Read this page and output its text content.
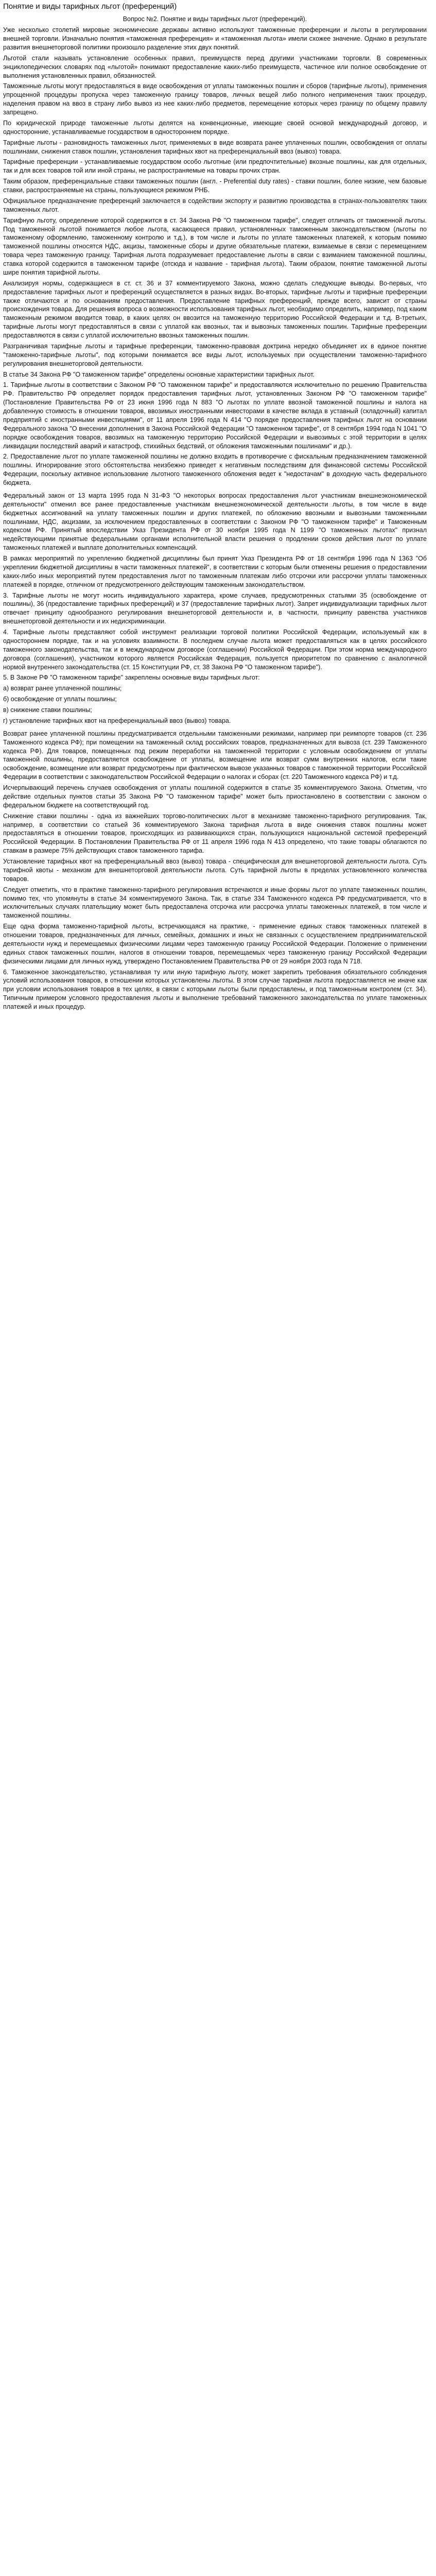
Понятие и виды тарифных льгот (преференций)

Вопрос №2. Понятие и виды тарифных льгот (преференций).

Уже несколько столетий мировые экономические державы активно используют таможенные преференции и льготы в регулировании внешней торговли. Изначально понятия «таможенная преференция» и «таможенная льгота» имели схожее значение. Однако в результате развития внешнеторговой политики произошло разделение этих двух понятий.

Льготой стали называть установление особенных правил, преимуществ перед другими участниками торговли. В современных энциклопедических словарях под «льготой» понимают предоставление каких-либо преимуществ, частичное или полное освобождение от выполнения установленных правил, обязанностей.

Таможенные льготы могут предоставляться в виде освобождения от уплаты таможенных пошлин и сборов (тарифные льготы), применения упрощенной процедуры пропуска через таможенную границу товаров, личных вещей либо полного неприменения таких процедур, наделения правом на ввоз в страну либо вывоз из нее каких-либо предметов, перемещение которых через границу по общему правилу запрещено.

По юридической природе таможенные льготы делятся на конвенционные, имеющие своей основой международный договор, и односторонние, устанавливаемые государством в одностороннем порядке.

Тарифные льготы - разновидность таможенных льгот, применяемых в виде возврата ранее уплаченных пошлин, освобождения от оплаты пошлинами, снижения ставок пошлин, установления тарифных квот на преференциальный ввоз (вывоз) товара.

Тарифные преференции - устанавливаемые государством особо льготные (или предпочтительные) вкозные пошлины, как для отдельных, так и для всех товаров той или иной страны, не распространяемые на товары прочих стран.

Таким образом, преференциальные ставки таможенных пошлин (англ. - Preferential duty rates) - ставки пошлин, более низкие, чем базовые ставки, распространяемые на страны, пользующиеся режимом РНБ.

Официальное предназначение преференций заключается в содействии экспорту и развитию производства в странах-пользователях таких таможенных льгот.

Тарифную льготу, определение которой содержится в ст. 34 Закона РФ "О таможенном тарифе", следует отличать от таможенной льготы. Под таможенной льготой понимается любое льгота, касающееся правил, установленных таможенным законодательством (льготы по таможенному оформлению, таможенному контролю и т.д.), в том числе и льготы по уплате таможенных платежей, к которым помимо таможенной пошлины относятся НДС, акцизы, таможенные сборы и другие обязательные платежи, взимаемые в связи с перемещением товара через таможенную границу. Тарифная льгота подразумевает предоставление льготы в связи с взиманием таможенной пошлины, ставка которой содержится в таможенном тарифе (отсюда и название - тарифная льгота). Таким образом, понятие таможенной льготы шире понятия тарифной льготы.

Анализируя нормы, содержащиеся в ст. ст. 36 и 37 комментируемого Закона, можно сделать следующие выводы. Во-первых, что предоставление тарифных льгот и преференций осуществляется в разных видах. Во-вторых, тарифные льготы и тарифные преференции также отличаются и по основаниям предоставления. Предоставление тарифных преференций, прежде всего, зависит от страны происхождения товара. Для решения вопроса о возможности использования тарифных льгот, необходимо определить, например, под каким таможенным режимом вводится товар, в каких целях он ввозится на таможенную территорию Российской Федерации и т.д. В-третьих, тарифные льготы могут предоставляться в связи с уплатой как ввозных, так и вывозных таможенных пошлин. Тарифные преференции предоставляются в связи с уплатой исключительно ввозных таможенных пошлин.

Разграничивая тарифные льготы и тарифные преференции, таможенно-правовая доктрина нередко объединяет их в единое понятие "таможенно-тарифные льготы", под которыми понимается все виды льгот, используемых при осуществлении таможенно-тарифного регулирования внешнеторговой деятельности.

В статье 34 Закона РФ "О таможенном тарифе" определены основные характеристики тарифных льгот.

1. Тарифные льготы в соответствии с Законом РФ "О таможенном тарифе" и предоставляются исключительно по решению Правительства РФ. Правительство РФ определяет порядок предоставления тарифных льгот, установленных Законом РФ "О таможенном тарифе" (Постановление Правительства РФ от 23 июня 1996 года N 883 "О льготах по уплате ввозной таможенной пошлины и налога на добавленную стоимость в отношении товаров, ввозимых иностранными инвесторами в качестве вклада в уставный (складочный) капитал предприятий с иностранными инвестициями", от 11 апреля 1996 года N 414 "О порядке предоставления тарифных льгот на основании Федерального закона "О внесении дополнения в Закона Российской Федерации "О таможенном тарифе", от 8 сентября 1994 года N 1041 "О порядке освобождения товаров, ввозимых на таможенную территорию Российской Федерации и вывозимых с этой территории в целях ликвидации последствий аварий и катастроф, стихийных бедствий, от обложения таможенными пошлинами" и др.).

2. Предоставление льгот по уплате таможенной пошлины не должно входить в противоречие с фискальным предназначением таможенной пошлины. Игнорирование этого обстоятельства неизбежно приведет к негативным последствиям для финансовой системы Российской Федерации, поскольку активное использование льготного таможенного обложения ведет к "недостачам" в доходную часть федерального бюджета.

Федеральный закон от 13 марта 1995 года N 31-ФЗ "О некоторых вопросах предоставления льгот участникам внешнеэкономической деятельности" отменил все ранее предоставленные участникам внешнеэкономической деятельности льготы, в том числе в виде бюджетных ассигнований на уплату таможенных пошлин и других платежей, по обложению ввозными и вывозными таможенными пошлинами, НДС, акцизами, за исключением предоставленных в соответствии с Законом РФ "О таможенном тарифе" и Таможенным кодексом РФ. Принятый впоследствии Указ Президента РФ от 30 ноября 1995 года N 1199 "О таможенных льготах" признал недействующими принятые федеральными органами исполнительной власти решения о продлении сроков действия льгот по уплате таможенных платежей и выплате дополнительных компенсаций.

В рамках мероприятий по укреплению бюджетной дисциплины был принят Указ Президента РФ от 18 сентября 1996 года N 1363 "Об укреплении бюджетной дисциплины в части таможенных платежей", в соответствии с которым были отменены решения о предоставлении каких-либо иных мероприятий путем предоставления льгот по таможенным платежам либо отсрочки или рассрочки уплаты таможенных платежей в порядке, отличном от предусмотренного действующим таможенным законодательством.

3. Тарифные льготы не могут носить индивидуального характера, кроме случаев, предусмотренных статьями 35 (освобождение от пошлины), 36 (предоставление тарифных преференций) и 37 (предоставление тарифных льгот). Запрет индивидуализации тарифных льгот отвечает принципу однообразного регулирования внешнеторговой деятельности и, в частности, принципу равенства участников внешнеторговой деятельности и их недискриминации.

4. Тарифные льготы представляют собой инструмент реализации торговой политики Российской Федерации, используемый как в одностороннем порядке, так и на условиях взаимности. В последнем случае льгота может предоставляться как в целях российского таможенного законодательства, так и в международном договоре (соглашении) Российской Федерации. При этом норма международного договора (соглашения), участником которого является Российская Федерация, пользуется приоритетом по сравнению с аналогичной нормой внутреннего законодательства (ст. 15 Конституции РФ, ст. 38 Закона РФ "О таможенном тарифе").

5. В Законе РФ "О таможенном тарифе" закреплены основные виды тарифных льгот:

а) возврат ранее уплаченной пошлины;

б) освобождение от уплаты пошлины;

в) снижение ставки пошлины;

г) установление тарифных квот на преференциальный ввоз (вывоз) товара.

Возврат ранее уплаченной пошлины предусматривается отдельными таможенными режимами, например при реимпорте товаров (ст. 236 Таможенного кодекса РФ); при помещении на таможенный склад российских товаров, предназначенных для вывоза (ст. 239 Таможенного кодекса РФ). Для товаров, помещенных под режим переработки на таможенной территории с условным освобождением от уплаты таможенной пошлины, предоставляется освобождение от уплаты, возмещение или возврат сумм внутренних налогов, если такие освобождение, возмещение или возврат предусмотрены при фактическом вывозе указанных товаров с таможенной территории Российской Федерации в соответствии с законодательством Российской Федерации о налогах и сборах (ст. 220 Таможенного кодекса РФ) и т.д.

Исчерпывающий перечень случаев освобождения от уплаты пошлиной содержится в статье 35 комментируемого Закона. Отметим, что действие отдельных пунктов статьи 35 Закона РФ "О таможенном тарифе" может быть приостановлено в соответствии с законом о федеральном бюджете на соответствующий год.

Снижение ставки пошлины - одна из важнейших торгово-политических льгот в механизме таможенно-тарифного регулирования. Так, например, в соответствии со статьей 36 комментируемого Закона тарифная льгота в виде снижения ставок пошлины может предоставляться в отношении товаров, происходящих из развивающихся стран, пользующихся национальной системой преференций Российской Федерации. В Постановлении Правительства РФ от 11 апреля 1996 года N 413 определено, что такие товары облагаются по ставкам в размере 75% действующих ставок таможенного тарифа.

Установление тарифных квот на преференциальный ввоз (вывоз) товара - специфическая для внешнеторговой деятельности льгота. Суть тарифной квоты - механизм для внешнеторговой деятельности льгота. Суть тарифной льготы в пределах установленного количества товаров.

Следует отметить, что в практике таможенно-тарифного регулирования встречаются и иные формы льгот по уплате таможенных пошлин, помимо тех, что упомянуты в статье 34 комментируемого Закона. Так, в статье 334 Таможенного кодекса РФ предусматривается, что в исключительных случаях плательщику может быть предоставлена отсрочка или рассрочка уплаты таможенных платежей, в том числе и таможенной пошлины.

Еще одна форма таможенно-тарифной льготы, встречающаяся на практике, - применение единых ставок таможенных платежей в отношении товаров, предназначенных для личных, семейных, домашних и иных не связанных с осуществлением предпринимательской деятельности нужд и перемещаемых физическими лицами через таможенную границу Российской Федерации. Положение о применении единых ставок таможенных пошлин, налогов в отношении товаров, перемещаемых через таможенную границу Российской Федерации физическими лицами для личных нужд, утверждено Постановлением Правительства РФ от 29 ноября 2003 года N 718.

6. Таможенное законодательство, устанавливая ту или иную тарифную льготу, может закрепить требования обязательного соблюдения условий использования товаров, в отношении которых установлены льготы. В этом случае тарифная льгота предоставляется не иначе как при условии использования товаров в тех целях, в связи с которыми льготы были предоставлены, и под таможенным контролем (ст. 34). Типичным примером условного предоставления льготы и выполнение требований таможенного законодательства по уплате таможенных платежей и иных процедур.
